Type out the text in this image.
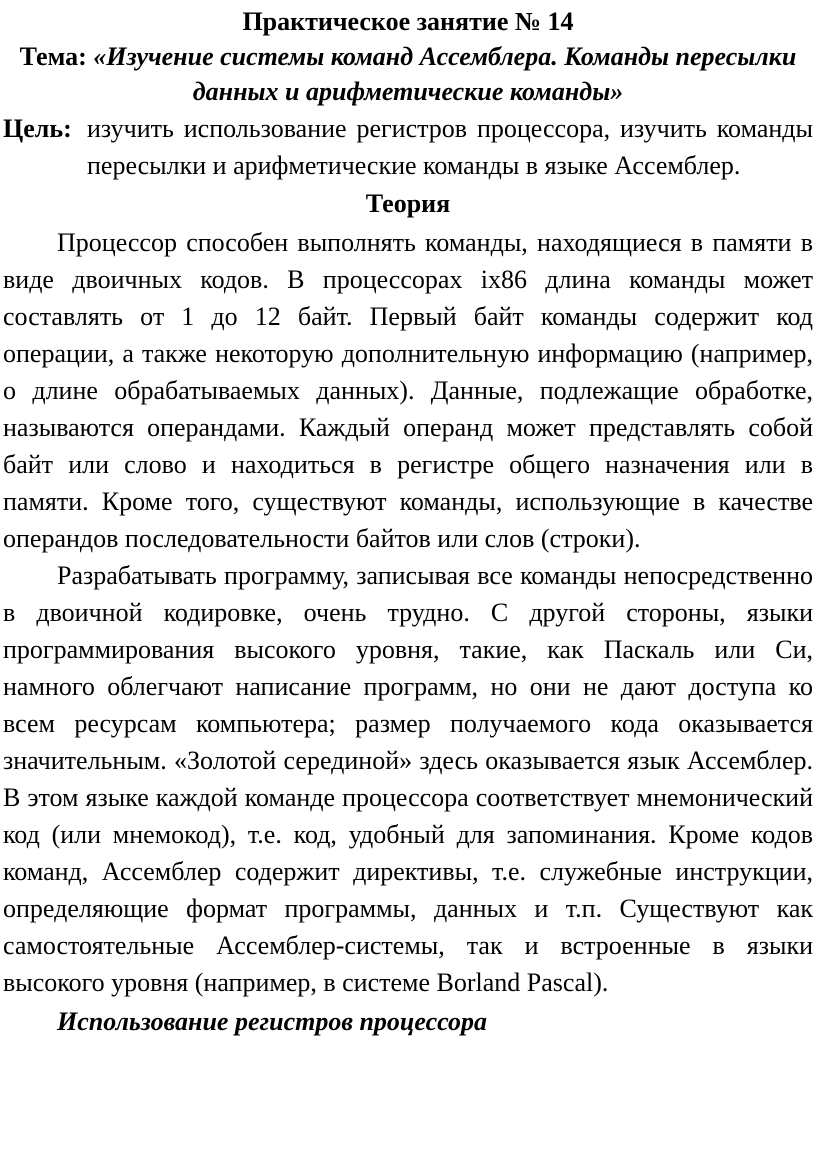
Практическое занятие № 14
Тема: «Изучение системы команд Ассемблера. Команды пересылки данных и арифметические команды»
Цель: изучить использование регистров процессора, изучить команды пересылки и арифметические команды в языке Ассемблер.
Теория

Процессор способен выполнять команды, находящиеся в памяти в виде двоичных кодов. В процессорах ix86 длина команды может составлять от 1 до 12 байт. Первый байт команды содержит код операции, а также некоторую дополнительную информацию (например, о длине обрабатываемых данных). Данные, подлежащие обработке, называются операндами. Каждый операнд может представлять собой байт или слово и находиться в регистре общего назначения или в памяти. Кроме того, существуют команды, использующие в качестве операндов последовательности байтов или слов (строки).

Разрабатывать программу, записывая все команды непосредственно в двоичной кодировке, очень трудно. С другой стороны, языки программирования высокого уровня, такие, как Паскаль или Си, намного облегчают написание программ, но они не дают доступа ко всем ресурсам компьютера; размер получаемого кода оказывается значительным. «Золотой серединой» здесь оказывается язык Ассемблер. В этом языке каждой команде процессора соответствует мнемонический код (или мнемокод), т.е. код, удобный для запоминания. Кроме кодов команд, Ассемблер содержит директивы, т.е. служебные инструкции, определяющие формат программы, данных и т.п. Существуют как самостоятельные Ассемблер-системы, так и встроенные в языки высокого уровня (например, в системе Borland Pascal).

Использование регистров процессора
